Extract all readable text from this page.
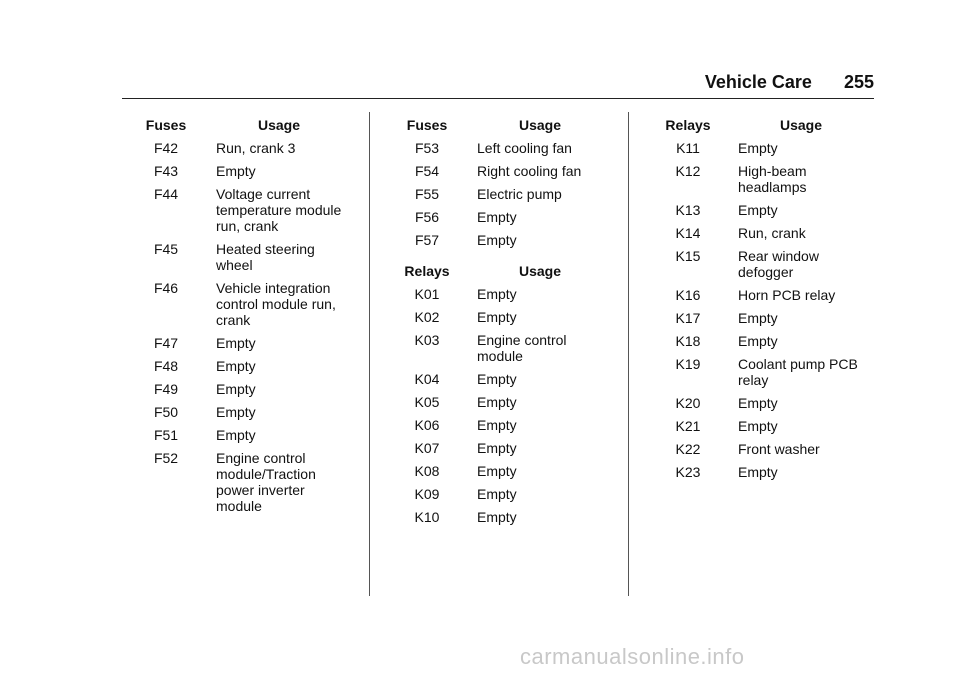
Vehicle Care 255
Fuses	Usage
F42	Run, crank 3
F43	Empty
F44	Voltage current temperature module run, crank
F45	Heated steering wheel
F46	Vehicle integration control module run, crank
F47	Empty
F48	Empty
F49	Empty
F50	Empty
F51	Empty
F52	Engine control module/Traction power inverter module
Fuses	Usage
F53	Left cooling fan
F54	Right cooling fan
F55	Electric pump
F56	Empty
F57	Empty
Relays	Usage
K01	Empty
K02	Empty
K03	Engine control module
K04	Empty
K05	Empty
K06	Empty
K07	Empty
K08	Empty
K09	Empty
K10	Empty
Relays	Usage
K11	Empty
K12	High-beam headlamps
K13	Empty
K14	Run, crank
K15	Rear window defogger
K16	Horn PCB relay
K17	Empty
K18	Empty
K19	Coolant pump PCB relay
K20	Empty
K21	Empty
K22	Front washer
K23	Empty
carmanualsonline.info
